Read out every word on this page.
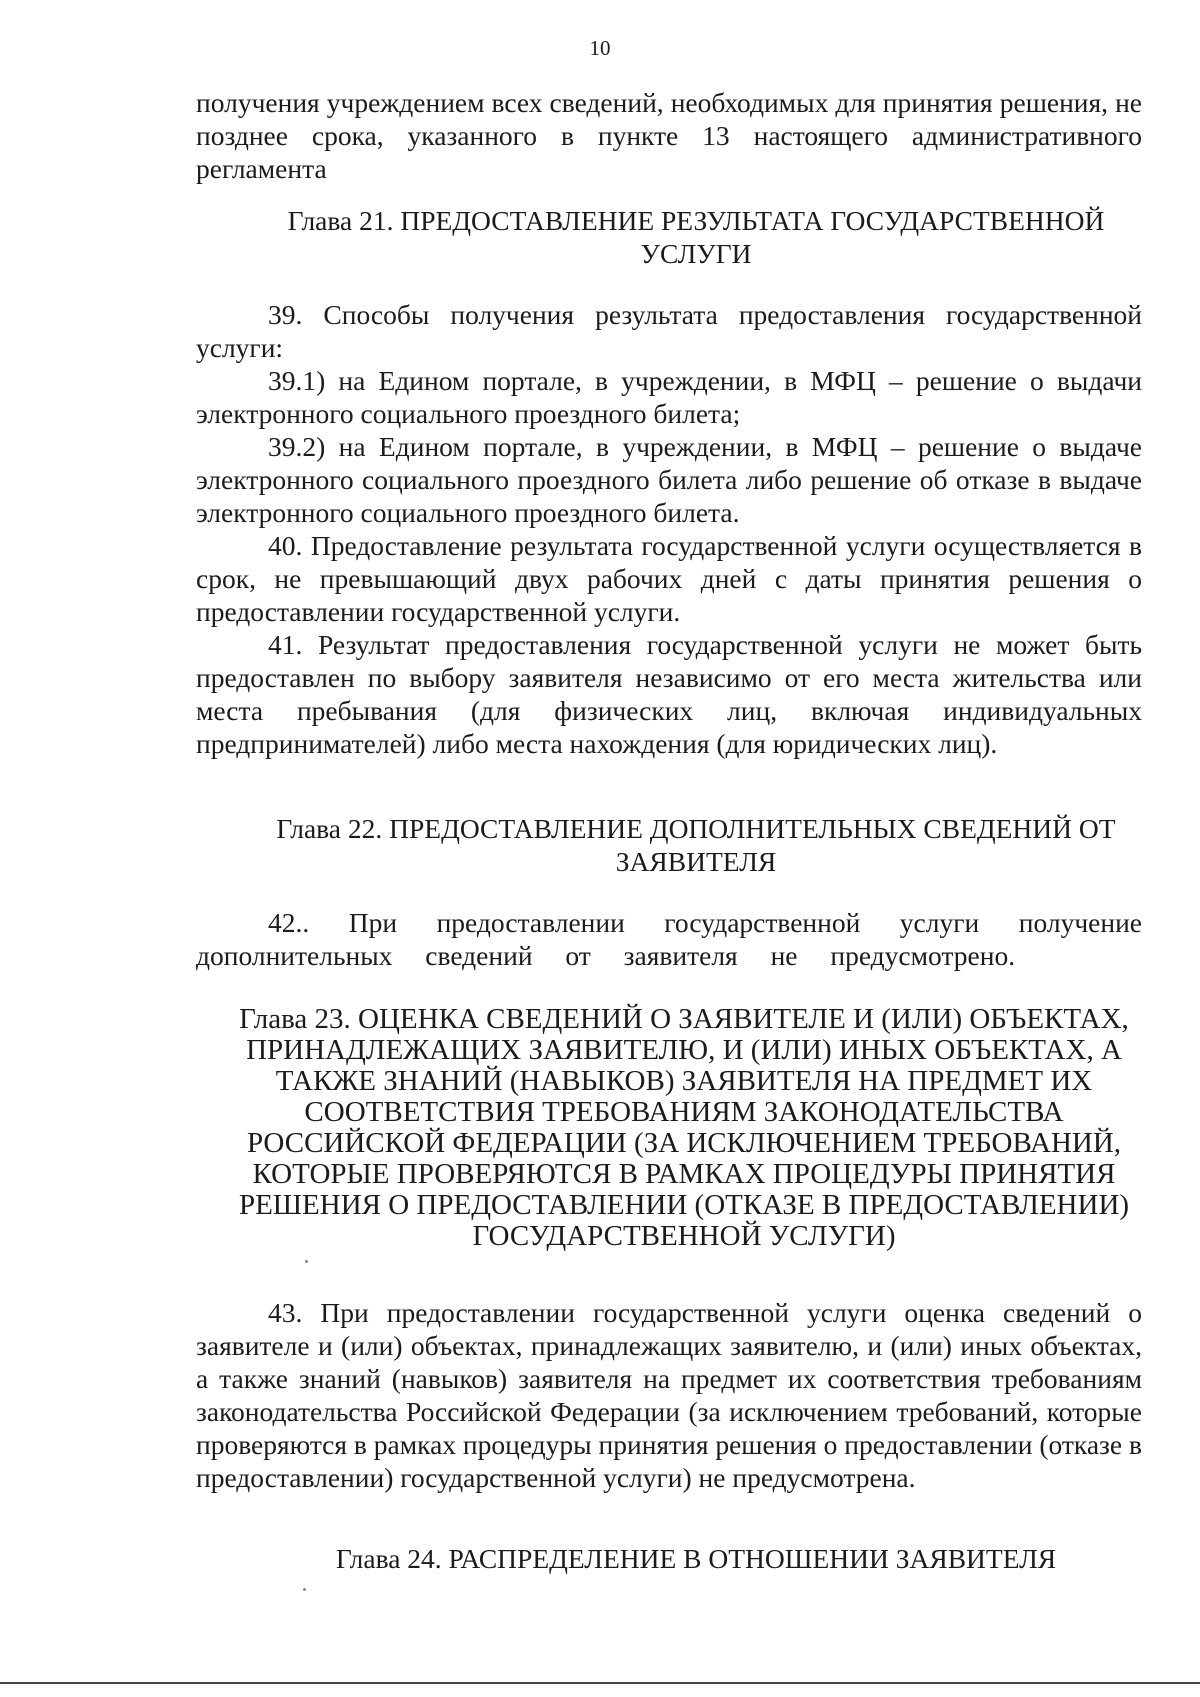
10

получения учреждением всех сведений, необходимых для принятия решения, не позднее срока, указанного в пункте 13 настоящего административного регламента

Глава 21. ПРЕДОСТАВЛЕНИЕ РЕЗУЛЬТАТА ГОСУДАРСТВЕННОЙ УСЛУГИ

39. Способы получения результата предоставления государственной услуги:

39.1) на Едином портале, в учреждении, в МФЦ – решение о выдачи электронного социального проездного билета;

39.2) на Едином портале, в учреждении, в МФЦ – решение о выдаче электронного социального проездного билета либо решение об отказе в выдаче электронного социального проездного билета.

40. Предоставление результата государственной услуги осуществляется в срок, не превышающий двух рабочих дней с даты принятия решения о предоставлении государственной услуги.

41. Результат предоставления государственной услуги не может быть предоставлен по выбору заявителя независимо от его места жительства или места пребывания (для физических лиц, включая индивидуальных предпринимателей) либо места нахождения (для юридических лиц).

Глава 22. ПРЕДОСТАВЛЕНИЕ ДОПОЛНИТЕЛЬНЫХ СВЕДЕНИЙ ОТ ЗАЯВИТЕЛЯ

42.. При предоставлении государственной услуги получение дополнительных сведений от заявителя не предусмотрено.

Глава 23. ОЦЕНКА СВЕДЕНИЙ О ЗАЯВИТЕЛЕ И (ИЛИ) ОБЪЕКТАХ, ПРИНАДЛЕЖАЩИХ ЗАЯВИТЕЛЮ, И (ИЛИ) ИНЫХ ОБЪЕКТАХ, А ТАКЖЕ ЗНАНИЙ (НАВЫКОВ) ЗАЯВИТЕЛЯ НА ПРЕДМЕТ ИХ СООТВЕТСТВИЯ ТРЕБОВАНИЯМ ЗАКОНОДАТЕЛЬСТВА РОССИЙСКОЙ ФЕДЕРАЦИИ (ЗА ИСКЛЮЧЕНИЕМ ТРЕБОВАНИЙ, КОТОРЫЕ ПРОВЕРЯЮТСЯ В РАМКАХ ПРОЦЕДУРЫ ПРИНЯТИЯ РЕШЕНИЯ О ПРЕДОСТАВЛЕНИИ (ОТКАЗЕ В ПРЕДОСТАВЛЕНИИ) ГОСУДАРСТВЕННОЙ УСЛУГИ)

43. При предоставлении государственной услуги оценка сведений о заявителе и (или) объектах, принадлежащих заявителю, и (или) иных объектах, а также знаний (навыков) заявителя на предмет их соответствия требованиям законодательства Российской Федерации (за исключением требований, которые проверяются в рамках процедуры принятия решения о предоставлении (отказе в предоставлении) государственной услуги) не предусмотрена.

Глава 24. РАСПРЕДЕЛЕНИЕ В ОТНОШЕНИИ ЗАЯВИТЕЛЯ
